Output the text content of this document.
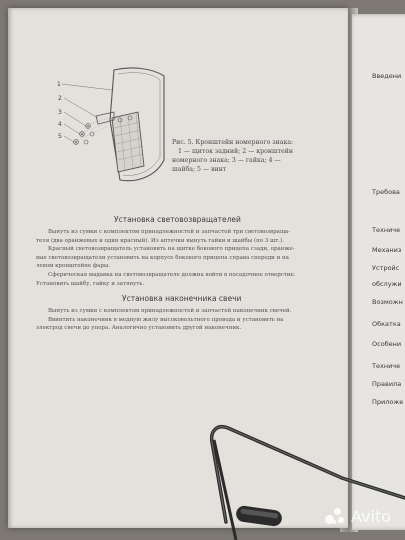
Введени
Требова
Техниче
Механиз
Устройс
обслужи
Возможн
Обкатка
Особени
Техниче
Правила
Приложе
1
2
3
4
5
Рис. 5. Кронштейн номерного знака:
1 — щиток задний; 2 — кронштейн
номерного знака; 3 — гайка; 4 —
шайба; 5 — винт
Установка световозвращателей
Вынуть из сумки с комплектом принадлежностей и запчастей три световозвраща-
теля (два оранжевых и один красный). Из аптечки вынуть гайки и шайбы (по 3 шт.).
Красный световозвращатель установить на щитке бокового прицепа сзади, оранже-
вые световозвращатели установить на корпусе бокового прицепа справа спереди и на
левом кронштейне фары.
Сферическая выдавка на световозвращателе должна войти в посадочное отверстие.
Установить шайбу, гайку и затянуть.
Установка наконечника свечи
Вынуть из сумки с комплектом принадлежностей и запчастей наконечник свечей.
Ввинтить наконечник в медную жилу высоковольтного провода и установить на
электрод свечи до упора. Аналогично установить другой наконечник.
Avito
